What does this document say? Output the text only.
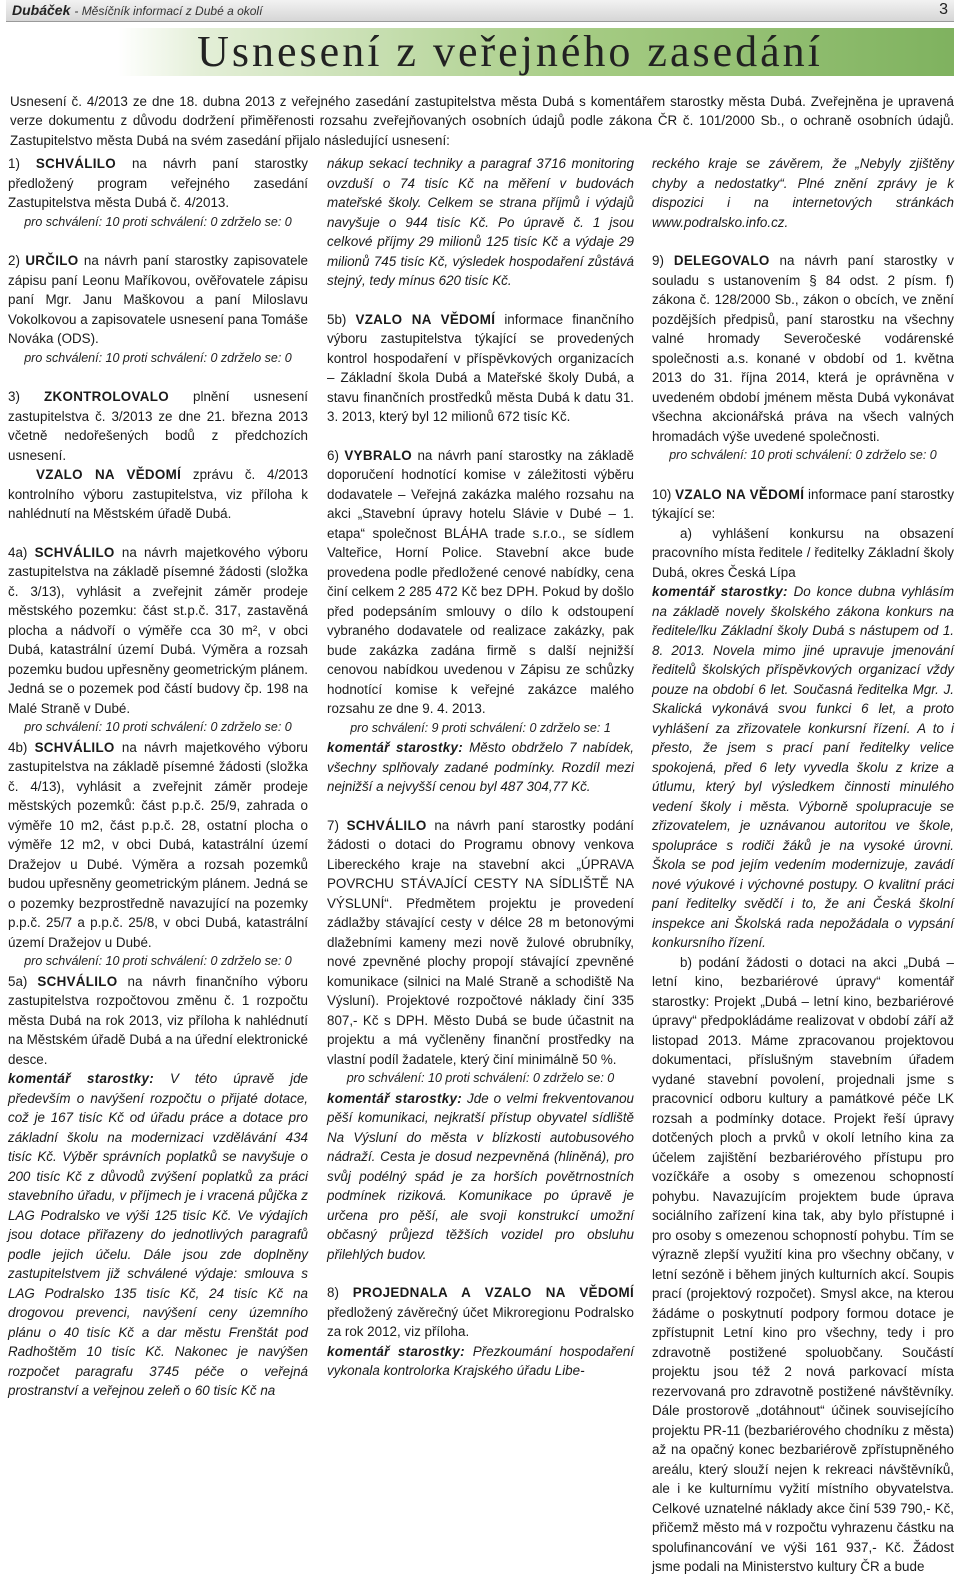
Dubáček - Měsíčník informací z Dubé a okolí	3
Usnesení z veřejného zasedání

Usnesení č. 4/2013 ze dne 18. dubna 2013 z veřejného zasedání zastupitelstva města Dubá s komentářem starostky města Dubá. Zveřejněna je upravená verze dokumentu z důvodu dodržení přiměřenosti rozsahu zveřejňovaných osobních údajů podle zákona ČR č. 101/2000 Sb., o ochraně osobních údajů. Zastupitelstvo města Dubá na svém zasedání přijalo následující usnesení:

1) SCHVÁLILO na návrh paní starostky předložený program veřejného zasedání Zastupitelstva města Dubá č. 4/2013.

pro schválení: 10 proti schválení: 0 zdrželo se: 0

2) URČILO na návrh paní starostky zapisovatele zápisu paní Leonu Maříkovou, ověřovatele zápisu paní Mgr. Janu Maškovou a paní Miloslavu Vokolkovou a zapisovatele usnesení pana Tomáše Nováka (ODS).

pro schválení: 10 proti schválení: 0 zdrželo se: 0

3) ZKONTROLOVALO plnění usnesení zastupitelstva č. 3/2013 ze dne 21. března 2013 včetně nedořešených bodů z předchozích usnesení.

VZALO NA VĚDOMÍ zprávu č. 4/2013 kontrolního výboru zastupitelstva, viz příloha k nahlédnutí na Městském úřadě Dubá.

4a) SCHVÁLILO na návrh majetkového výboru zastupitelstva na základě písemné žádosti (složka č. 3/13), vyhlásit a zveřejnit záměr prodeje městského pozemku: část st.p.č. 317, zastavěná plocha a nádvoří o výměře cca 30 m², v obci Dubá, katastrální území Dubá. Výměra a rozsah pozemku budou upřesněny geometrickým plánem. Jedná se o pozemek pod částí budovy čp. 198 na Malé Straně v Dubé.

pro schválení: 10 proti schválení: 0 zdrželo se: 0

4b) SCHVÁLILO na návrh majetkového výboru zastupitelstva na základě písemné žádosti (složka č. 4/13), vyhlásit a zveřejnit záměr prodeje městských pozemků: část p.p.č. 25/9, zahrada o výměře 10 m2, část p.p.č. 28, ostatní plocha o výměře 12 m2, v obci Dubá, katastrální území Dražejov u Dubé. Výměra a rozsah pozemků budou upřesněny geometrickým plánem. Jedná se o pozemky bezprostředně navazující na pozemky p.p.č. 25/7 a p.p.č. 25/8, v obci Dubá, katastrální území Dražejov u Dubé.

pro schválení: 10 proti schválení: 0 zdrželo se: 0

5a) SCHVÁLILO na návrh finančního výboru zastupitelstva rozpočtovou změnu č. 1 rozpočtu města Dubá na rok 2013, viz příloha k nahlédnutí na Městském úřadě Dubá a na úřední elektronické desce.

komentář starostky: V této úpravě jde především o navýšení rozpočtu o přijaté dotace, což je 167 tisíc Kč od úřadu práce a dotace pro základní školu na modernizaci vzdělávání 434 tisíc Kč. Výběr správních poplatků se navyšuje o 200 tisíc Kč z důvodů zvýšení poplatků za práci stavebního úřadu, v příjmech je i vracená půjčka z LAG Podralsko ve výši 125 tisíc Kč. Ve výdajích jsou dotace přiřazeny do jednotlivých paragrafů podle jejich účelu. Dále jsou zde doplněny zastupitelstvem již schválené výdaje: smlouva s LAG Podralsko 135 tisíc Kč, 24 tisíc Kč na drogovou prevenci, navýšení ceny územního plánu o 40 tisíc Kč a dar městu Frenštát pod Radhoštěm 10 tisíc Kč. Nakonec je navýšen rozpočet paragrafu 3745 péče o veřejná prostranství a veřejnou zeleň o 60 tisíc Kč na

nákup sekací techniky a paragraf 3716 monitoring ovzduší o 74 tisíc Kč na měření v budovách mateřské školy. Celkem se strana příjmů i výdajů navyšuje o 944 tisíc Kč. Po úpravě č. 1 jsou celkové příjmy 29 milionů 125 tisíc Kč a výdaje 29 milionů 745 tisíc Kč, výsledek hospodaření zůstává stejný, tedy mínus 620 tisíc Kč.

5b) VZALO NA VĚDOMÍ informace finančního výboru zastupitelstva týkající se provedených kontrol hospodaření v příspěvkových organizacích – Základní škola Dubá a Mateřské školy Dubá, a stavu finančních prostředků města Dubá k datu 31. 3. 2013, který byl 12 milionů 672 tisíc Kč.

6) VYBRALO na návrh paní starostky na základě doporučení hodnotící komise v záležitosti výběru dodavatele – Veřejná zakázka malého rozsahu na akci „Stavební úpravy hotelu Slávie v Dubé – 1. etapa“ společnost BLÁHA trade s.r.o., se sídlem Valteřice, Horní Police. Stavební akce bude provedena podle předložené cenové nabídky, cena činí celkem 2 285 472 Kč bez DPH. Pokud by došlo před podepsáním smlouvy o dílo k odstoupení vybraného dodavatele od realizace zakázky, pak bude zakázka zadána firmě s další nejnižší cenovou nabídkou uvedenou v Zápisu ze schůzky hodnotící komise k veřejné zakázce malého rozsahu ze dne 9. 4. 2013.

pro schválení: 9 proti schválení: 0 zdrželo se: 1

komentář starostky: Město obdrželo 7 nabídek, všechny splňovaly zadané podmínky. Rozdíl mezi nejnižší a nejvyšší cenou byl 487 304,77 Kč.

7) SCHVÁLILO na návrh paní starostky podání žádosti o dotaci do Programu obnovy venkova Libereckého kraje na stavební akci „ÚPRAVA POVRCHU STÁVAJÍCÍ CESTY NA SÍDLIŠTĚ NA VÝSLUNÍ“. Předmětem projektu je provedení zádlažby stávající cesty v délce 28 m betonovými dlažebními kameny mezi nově žulové obrubníky, nové zpevněné plochy propojí stávající zpevněné komunikace (silnici na Malé Straně a schodiště Na Výsluní). Projektové rozpočtové náklady činí 335 807,- Kč s DPH. Město Dubá se bude účastnit na projektu a má vyčleněny finanční prostředky na vlastní podíl žadatele, který činí minimálně 50 %.

pro schválení: 10 proti schválení: 0 zdrželo se: 0

komentář starostky: Jde o velmi frekventovanou pěší komunikaci, nejkratší přístup obyvatel sídliště Na Výsluní do města v blízkosti autobusového nádraží. Cesta je dosud nezpevněná (hliněná), pro svůj podélný spád je za horších povětrnostních podmínek riziková. Komunikace po úpravě je určena pro pěší, ale svoji konstrukcí umožní občasný průjezd těžších vozidel pro obsluhu přilehlých budov.

8) PROJEDNALA A VZALO NA VĚDOMÍ předložený závěrečný účet Mikroregionu Podralsko za rok 2012, viz příloha.

komentář starostky: Přezkoumání hospodaření vykonala kontrolorka Krajského úřadu Libe-

reckého kraje se závěrem, že „Nebyly zjištěny chyby a nedostatky“. Plné znění zprávy je k dispozici i na internetových stránkách www.podralsko.info.cz.

9) DELEGOVALO na návrh paní starostky v souladu s ustanovením § 84 odst. 2 písm. f) zákona č. 128/2000 Sb., zákon o obcích, ve znění pozdějších předpisů, paní starostku na všechny valné hromady Severočeské vodárenské společnosti a.s. konané v období od 1. května 2013 do 31. října 2014, která je oprávněna v uvedeném období jménem města Dubá vykonávat všechna akcionářská práva na všech valných hromadách výše uvedené společnosti.

pro schválení: 10 proti schválení: 0 zdrželo se: 0

10) VZALO NA VĚDOMÍ informace paní starostky týkající se:

a) vyhlášení konkursu na obsazení pracovního místa ředitele / ředitelky Základní školy Dubá, okres Česká Lípa

komentář starostky: Do konce dubna vyhlásím na základě novely školského zákona konkurs na ředitele/lku Základní školy Dubá s nástupem od 1. 8. 2013. Novela mimo jiné upravuje jmenování ředitelů školských příspěvkových organizací vždy pouze na období 6 let. Současná ředitelka Mgr. J. Skalická vykonává svou funkci 6 let, a proto vyhlášení za zřizovatele konkursní řízení. A to i přesto, že jsem s prací paní ředitelky velice spokojená, před 6 lety vyvedla školu z krize a útlumu, který byl výsledkem činnosti minulého vedení školy i města. Výborně spolupracuje se zřizovatelem, je uznávanou autoritou ve škole, spolupráce s rodiči žáků je na vysoké úrovni. Škola se pod jejím vedením modernizuje, zavádí nové výukové i výchovné postupy. O kvalitní práci paní ředitelky svědčí i to, že ani Česká školní inspekce ani Školská rada nepožádala o vypsání konkursního řízení.

b) podání žádosti o dotaci na akci „Dubá – letní kino, bezbariérové úpravy“ komentář starostky: Projekt „Dubá – letní kino, bezbariérové úpravy“ předpokládáme realizovat v období září až listopad 2013. Máme zpracovanou projektovou dokumentaci, příslušným stavebním úřadem vydané stavební povolení, projednali jsme s pracovnicí odboru kultury a památkové péče LK rozsah a podmínky dotace. Projekt řeší úpravy dotčených ploch a prvků v okolí letního kina za účelem zajištění bezbariérového přístupu pro vozíčkáře a osoby s omezenou schopností pohybu. Navazujícím projektem bude úprava sociálního zařízení kina tak, aby bylo přístupné i pro osoby s omezenou schopností pohybu. Tím se výrazně zlepší využití kina pro všechny občany, v letní sezóně i během jiných kulturních akcí. Soupis prací (projektový rozpočet). Smysl akce, na kterou žádáme o poskytnutí podpory formou dotace je zpřístupnit Letní kino pro všechny, tedy i pro zdravotně postižené spoluobčany. Součástí projektu jsou též 2 nová parkovací místa rezervovaná pro zdravotně postižené návštěvníky. Dále prostorově „dotáhnout“ účinek souvisejícího projektu PR-11 (bezbariérového chodníku z města) až na opačný konec bezbariérově zpřístupněného areálu, který slouží nejen k rekreaci návštěvníků, ale i ke kulturnímu vyžití místního obyvatelstva. Celkové uznatelné náklady akce činí 539 790,- Kč, přičemž město má v rozpočtu vyhrazenu částku na spolufinancování ve výši 161 937,- Kč. Žádost jsme podali na Ministerstvo kultury ČR a bude
